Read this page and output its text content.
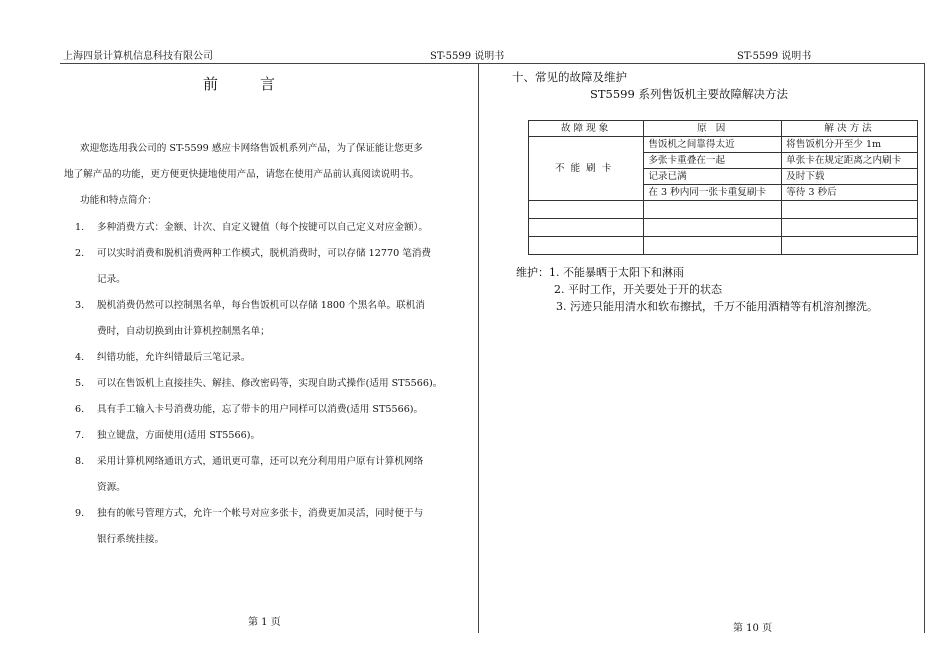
上海四景计算机信息科技有限公司	ST-5599 说明书	ST-5599 说明书
前	言
欢迎您选用我公司的 ST-5599 感应卡网络售饭机系列产品，为了保证能让您更多
地了解产品的功能，更方便更快捷地使用产品，请您在使用产品前认真阅读说明书。
功能和特点简介：
1.	多种消费方式：金额、计次、自定义键值（每个按键可以自己定义对应金额）。
2.	可以实时消费和脱机消费两种工作模式，脱机消费时，可以存储 12770 笔消费
记录。
3.	脱机消费仍然可以控制黑名单，每台售饭机可以存储 1800 个黑名单。联机消
费时，自动切换到由计算机控制黑名单；
4.	纠错功能，允许纠错最后三笔记录。
5.	可以在售饭机上直接挂失、解挂、修改密码等，实现自助式操作(适用 ST5566)。
6.	具有手工输入卡号消费功能，忘了带卡的用户同样可以消费(适用 ST5566)。
7.	独立键盘，方面使用(适用 ST5566)。
8.	采用计算机网络通讯方式，通讯更可靠，还可以充分利用用户原有计算机网络
资源。
9.	独有的帐号管理方式，允许一个帐号对应多张卡，消费更加灵活，同时便于与
银行系统挂接。
第 1 页
十、常见的故障及维护
ST5599 系列售饭机主要故障解决方法
故障现象	原 因	解决方法
不能刷卡	售饭机之间靠得太近	将售饭机分开至少 1m
	多张卡重叠在一起	单张卡在规定距离之内刷卡
	记录已满	及时下载
	在 3 秒内同一张卡重复刷卡	等待 3 秒后

维护：1. 不能暴晒于太阳下和淋雨
2. 平时工作，开关要处于开的状态
3. 污迹只能用清水和软布擦拭，千万不能用酒精等有机溶剂擦洗。
第 10 页
